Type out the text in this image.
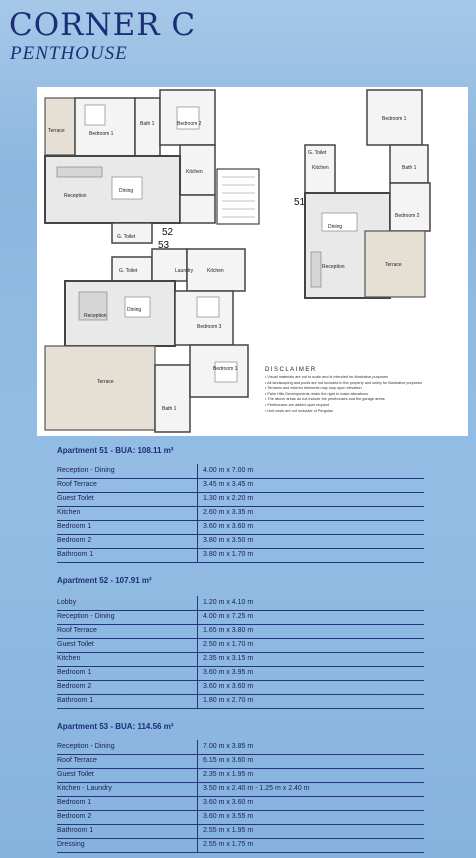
CORNER C
PENTHOUSE
Terrace	Bedroom 1
Bath 1	Bedroom 2
Kitchen
Dining
Reception
G. Toilet
G. Toilet
Kitchen
Bedroom 1
Bath 1
Bedroom 2
Dining
Reception	Terrace
G. Toilet	Laundry	Kitchen
Reception
Dining
Bedroom 3
Bedroom 1
Terrace
Bath 1
51
52
53
DISCLAIMER
• Visual materials are not to scale and is intended for illustrative purposes
• All landscaping and pools are not included in the property and solely for illustrative purposes
• Terraces and exterior elements may vary upon elevation
• Palm Hills Developments retain the right to make alterations
• The above areas do not include the penthouses and the garage areas
• Penthouses are added upon request
• Unit costs are not inclusive of Pergolas
Apartment 51 - BUA: 108.11 m²
Reception - Dining	4.00 m x 7.00 m
Roof Terrace	3.45 m x 3.45 m
Guest Toilet	1.30 m x 2.20 m
Kitchen	2.60 m x 3.35 m
Bedroom 1	3.60 m x 3.60 m
Bedroom 2	3.80 m x 3.50 m
Bathroom 1	3.80 m x 1.70 m
Apartment 52 - 107.91 m²
Lobby	1.20 m x 4.10 m
Reception - Dining	4.00 m x 7.25 m
Roof Terrace	1.65 m x 3.80 m
Guest Toilet	2.50 m x 1.70 m
Kitchen	2.35 m x 3.15 m
Bedroom 1	3.60 m x 3.95 m
Bedroom 2	3.60 m x 3.60 m
Bathroom 1	1.80 m x 2.70 m
Apartment 53 - BUA: 114.56 m²
Reception - Dining	7.00 m x 3.85 m
Roof Terrace	6.15 m x 3.60 m
Guest Toilet	2.35 m x 1.95 m
Kitchen - Laundry	3.50 m x 2.40 m - 1.25 m x 2.40 m
Bedroom 1	3.60 m x 3.60 m
Bedroom 2	3.60 m x 3.55 m
Bathroom 1	2.55 m x 1.95 m
Dressing	2.55 m x 1.75 m
